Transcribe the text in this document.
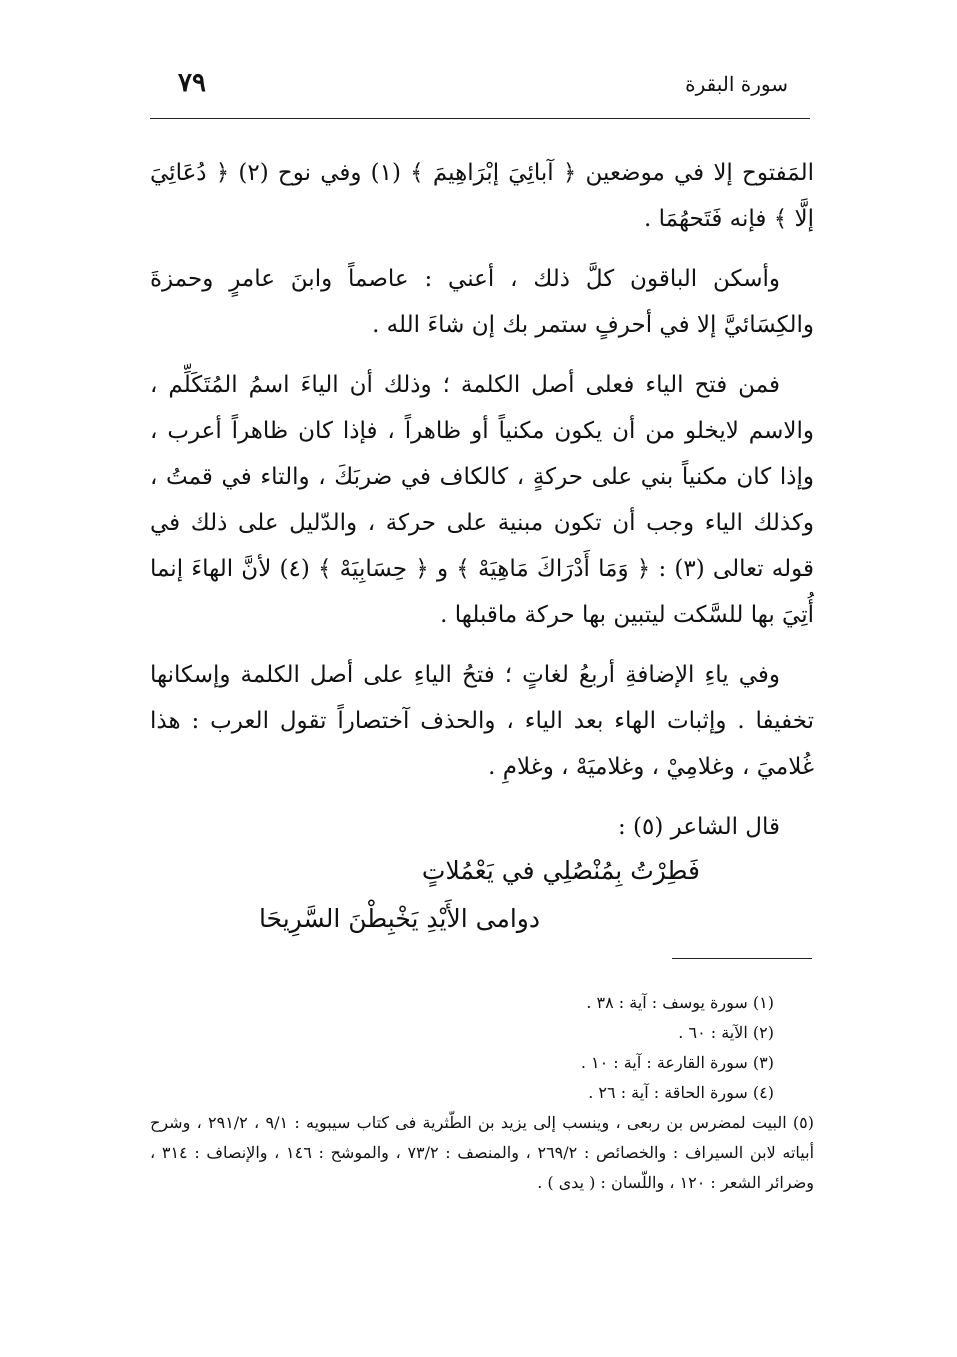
٧٩	سورة البقرة

المَفتوح إلا في موضعين ﴿ آبائِيَ إبْرَاهِيمَ ﴾ (١) وفي نوح (٢) ﴿ دُعَائِيَ إلَّا ﴾ فإنه فَتَحهُمَا .

وأسكن الباقون كلَّ ذلك ، أعني : عاصماً وابنَ عامرٍ وحمزةَ والكِسَائيَّ إلا في أحرفٍ ستمر بك إن شاءَ الله .

فمن فتح الياء فعلى أصل الكلمة ؛ وذلك أن الياءَ اسمُ المُتَكَلِّم ، والاسم لايخلو من أن يكون مكنياً أو ظاهراً ، فإذا كان ظاهراً أعرب ، وإذا كان مكنياً بني على حركةٍ ، كالكاف في ضربَكَ ، والتاء في قمتُ ، وكذلك الياء وجب أن تكون مبنية على حركة ، والدّليل على ذلك في قوله تعالى (٣) : ﴿ وَمَا أَدْرَاكَ مَاهِيَهْ ﴾ و ﴿ حِسَابِيَهْ ﴾ (٤) لأنَّ الهاءَ إنما أُتِيَ بها للسَّكت ليتبين بها حركة ماقبلها .

وفي ياءِ الإضافةِ أربعُ لغاتٍ ؛ فتحُ الياءِ على أصل الكلمة وإسكانها تخفيفا . وإثبات الهاء بعد الياء ، والحذف آختصاراً تقول العرب : هذا غُلاميَ ، وغلامِيْ ، وغلاميَهْ ، وغلامِ .

قال الشاعر (٥) :

فَطِرْتُ بِمُنْصُلِي في يَعْمُلاتٍ
دوامى الأَيْدِ يَخْبِطْنَ السَّرِيحَا

(١) سورة يوسف : آية : ٣٨ .

(٢) الآية : ٦٠ .

(٣) سورة القارعة : آية : ١٠ .

(٤) سورة الحاقة : آية : ٢٦ .

(٥) البيت لمضرس بن ربعى ، وينسب إلى يزيد بن الطّثرية فى كتاب سيبويه : ٩/١ ، ٢٩١/٢ ، وشرح أبياته لابن السيراف : والخصائص : ٢٦٩/٢ ، والمنصف : ٧٣/٢ ، والموشح : ١٤٦ ، والإنصاف : ٣١٤ ، وضرائر الشعر : ١٢٠ ، واللّسان : ( يدى ) .
